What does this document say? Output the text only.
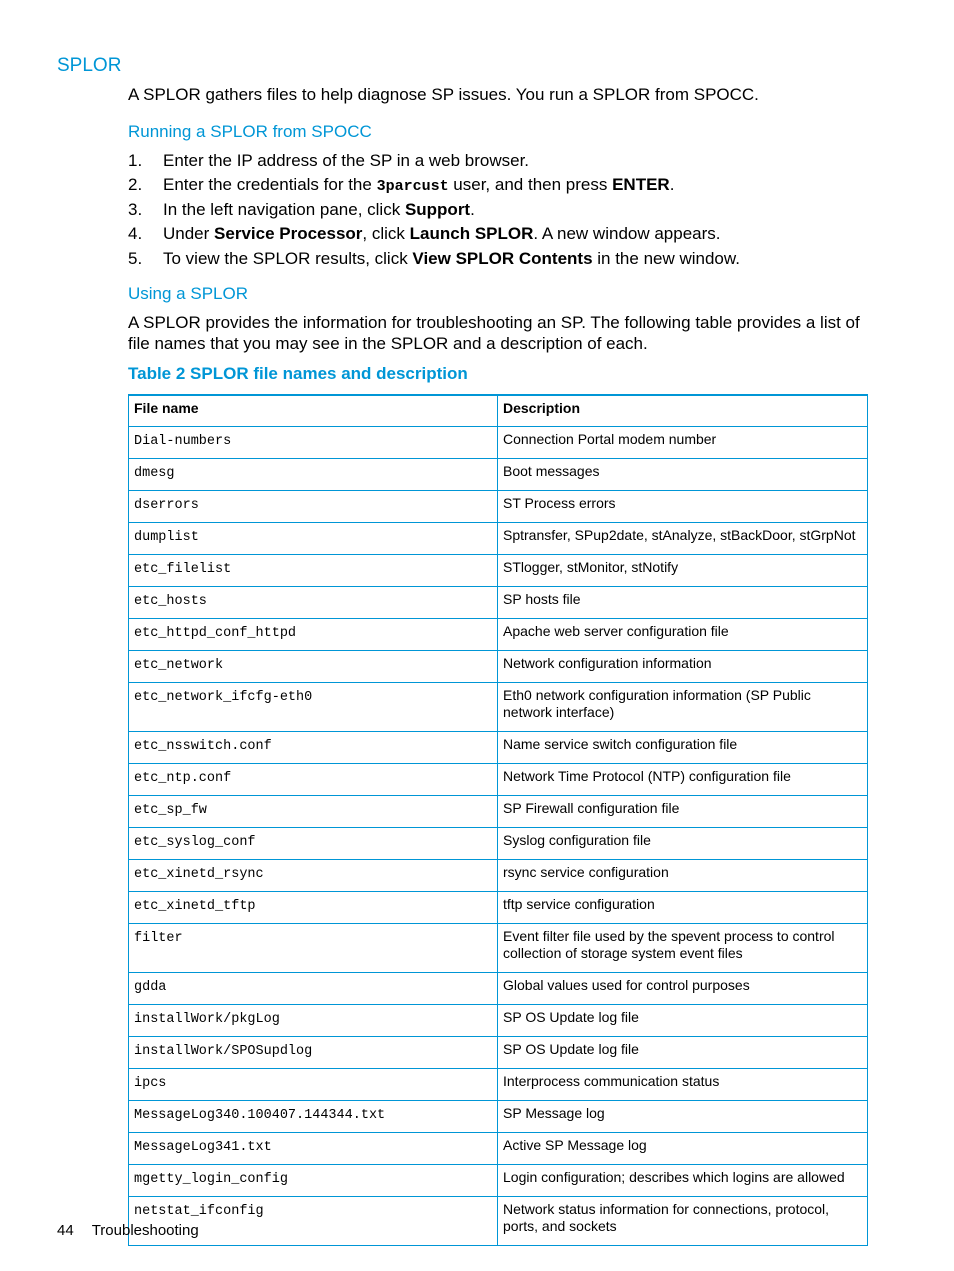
SPLOR

A SPLOR gathers files to help diagnose SP issues. You run a SPLOR from SPOCC.

Running a SPLOR from SPOCC
1. Enter the IP address of the SP in a web browser.
2. Enter the credentials for the 3parcust user, and then press ENTER.
3. In the left navigation pane, click Support.
4. Under Service Processor, click Launch SPLOR. A new window appears.
5. To view the SPLOR results, click View SPLOR Contents in the new window.
Using a SPLOR

A SPLOR provides the information for troubleshooting an SP. The following table provides a list of
file names that you may see in the SPLOR and a description of each.

Table 2 SPLOR file names and description
File name	Description
Dial-numbers	Connection Portal modem number
dmesg	Boot messages
dserrors	ST Process errors
dumplist	Sptransfer, SPup2date, stAnalyze, stBackDoor, stGrpNot
etc_filelist	STlogger, stMonitor, stNotify
etc_hosts	SP hosts file
etc_httpd_conf_httpd	Apache web server configuration file
etc_network	Network configuration information
etc_network_ifcfg-eth0	Eth0 network configuration information (SP Public network interface)
etc_nsswitch.conf	Name service switch configuration file
etc_ntp.conf	Network Time Protocol (NTP) configuration file
etc_sp_fw	SP Firewall configuration file
etc_syslog_conf	Syslog configuration file
etc_xinetd_rsync	rsync service configuration
etc_xinetd_tftp	tftp service configuration
filter	Event filter file used by the spevent process to control collection of storage system event files
gdda	Global values used for control purposes
installWork/pkgLog	SP OS Update log file
installWork/SPOSupdlog	SP OS Update log file
ipcs	Interprocess communication status
MessageLog340.100407.144344.txt	SP Message log
MessageLog341.txt	Active SP Message log
mgetty_login_config	Login configuration; describes which logins are allowed
netstat_ifconfig	Network status information for connections, protocol, ports, and sockets
44 Troubleshooting
